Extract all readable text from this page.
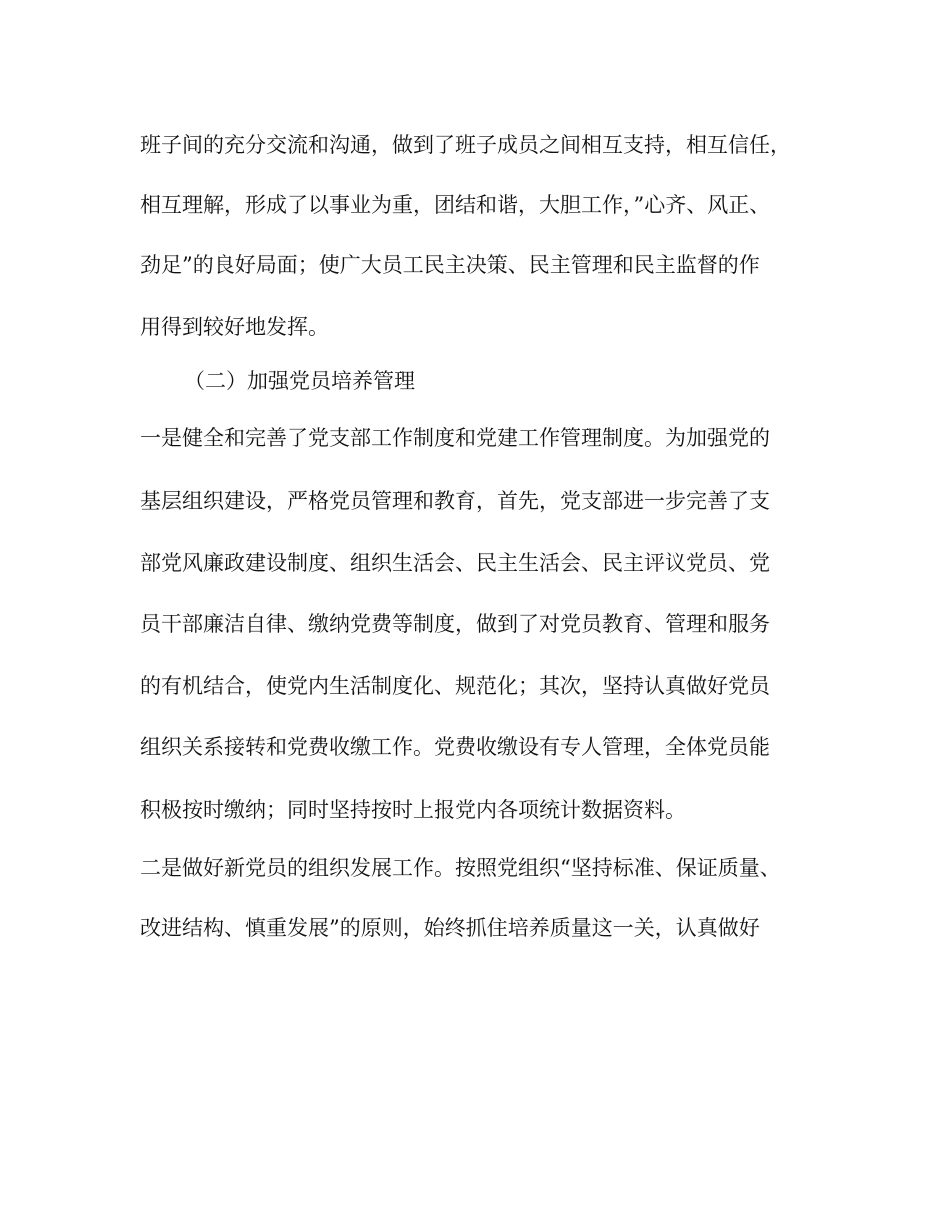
班子间的充分交流和沟通，做到了班子成员之间相互支持，相互信任，
相互理解，形成了以事业为重，团结和谐，大胆工作，”心齐、风正、
劲足”的良好局面；使广大员工民主决策、民主管理和民主监督的作
用得到较好地发挥。
（二）加强党员培养管理
一是健全和完善了党支部工作制度和党建工作管理制度。为加强党的
基层组织建设，严格党员管理和教育，首先，党支部进一步完善了支
部党风廉政建设制度、组织生活会、民主生活会、民主评议党员、党
员干部廉洁自律、缴纳党费等制度，做到了对党员教育、管理和服务
的有机结合，使党内生活制度化、规范化；其次，坚持认真做好党员
组织关系接转和党费收缴工作。党费收缴设有专人管理，全体党员能
积极按时缴纳；同时坚持按时上报党内各项统计数据资料。
二是做好新党员的组织发展工作。按照党组织“坚持标准、保证质量、
改进结构、慎重发展”的原则，始终抓住培养质量这一关，认真做好
